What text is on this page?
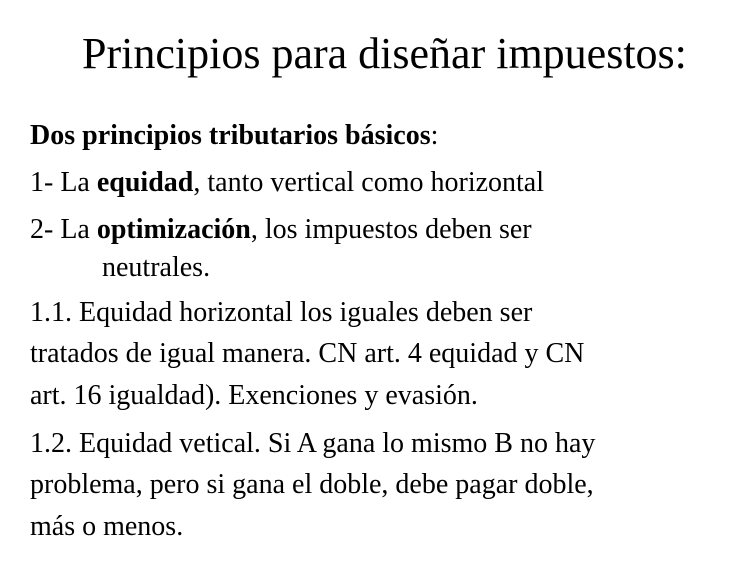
Principios para diseñar impuestos:

Dos principios tributarios básicos:

1- La equidad, tanto vertical como horizontal

2- La optimización, los impuestos deben ser
neutrales.

1.1. Equidad horizontal los iguales deben ser
tratados de igual manera. CN art. 4 equidad y CN
art. 16 igualdad). Exenciones y evasión.

1.2. Equidad vetical. Si A gana lo mismo B no hay
problema, pero si gana el doble, debe pagar doble,
más o menos.
